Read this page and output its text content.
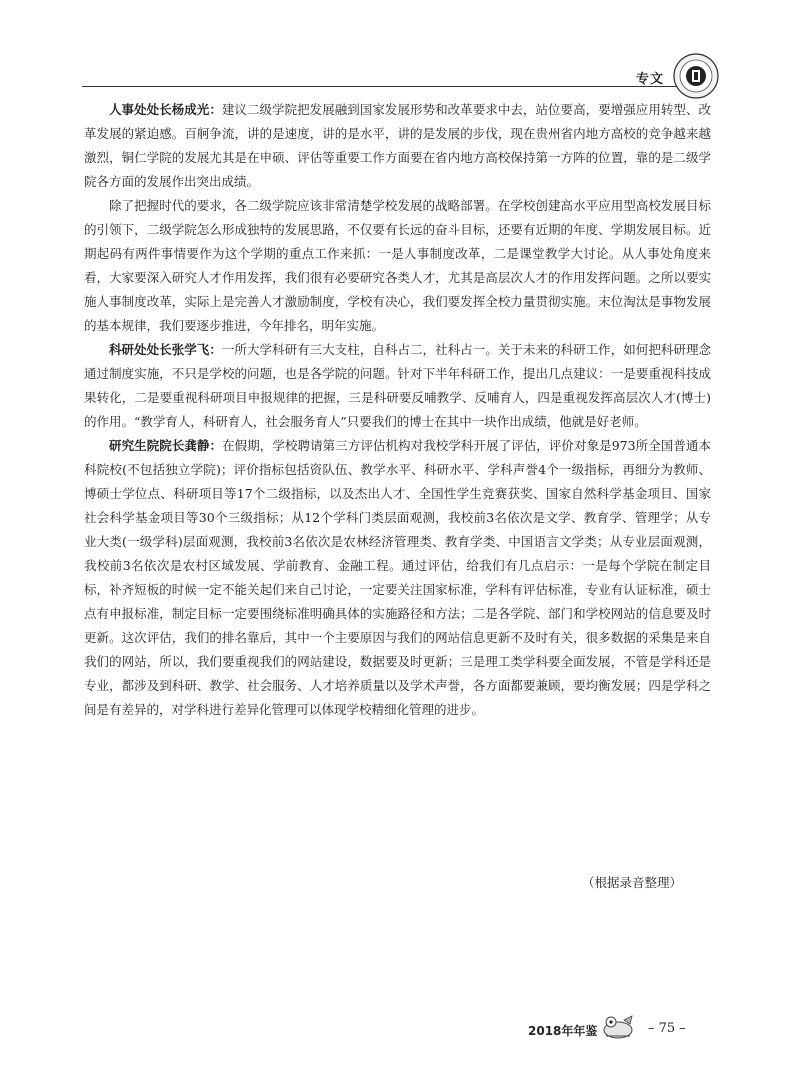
专文

人事处处长杨成光：建议二级学院把发展融到国家发展形势和改革要求中去，站位要高，要增强应用转型、改革发展的紧迫感。百舸争流，讲的是速度，讲的是水平，讲的是发展的步伐，现在贵州省内地方高校的竞争越来越激烈，铜仁学院的发展尤其是在申硕、评估等重要工作方面要在省内地方高校保持第一方阵的位置，靠的是二级学院各方面的发展作出突出成绩。

除了把握时代的要求，各二级学院应该非常清楚学校发展的战略部署。在学校创建高水平应用型高校发展目标的引领下，二级学院怎么形成独特的发展思路，不仅要有长远的奋斗目标，还要有近期的年度、学期发展目标。近期起码有两件事情要作为这个学期的重点工作来抓：一是人事制度改革，二是课堂教学大讨论。从人事处角度来看，大家要深入研究人才作用发挥，我们很有必要研究各类人才，尤其是高层次人才的作用发挥问题。之所以要实施人事制度改革，实际上是完善人才激励制度，学校有决心，我们要发挥全校力量贯彻实施。末位淘汰是事物发展的基本规律，我们要逐步推进，今年排名，明年实施。

科研处处长张学飞：一所大学科研有三大支柱，自科占二，社科占一。关于未来的科研工作，如何把科研理念通过制度实施，不只是学校的问题，也是各学院的问题。针对下半年科研工作，提出几点建议：一是要重视科技成果转化，二是要重视科研项目申报规律的把握，三是科研要反哺教学、反哺育人，四是重视发挥高层次人才(博士)的作用。“教学育人，科研育人，社会服务育人”只要我们的博士在其中一块作出成绩，他就是好老师。

研究生院院长龚静：在假期，学校聘请第三方评估机构对我校学科开展了评估，评价对象是973所全国普通本科院校(不包括独立学院)；评价指标包括资队伍、教学水平、科研水平、学科声誉4个一级指标，再细分为教师、博硕士学位点、科研项目等17个二级指标，以及杰出人才、全国性学生竞赛获奖、国家自然科学基金项目、国家社会科学基金项目等30个三级指标；从12个学科门类层面观测，我校前3名依次是文学、教育学、管理学；从专业大类(一级学科)层面观测，我校前3名依次是农林经济管理类、教育学类、中国语言文学类；从专业层面观测，我校前3名依次是农村区域发展、学前教育、金融工程。通过评估，给我们有几点启示：一是每个学院在制定目标，补齐短板的时候一定不能关起们来自己讨论，一定要关注国家标准，学科有评估标准，专业有认证标准，硕士点有申报标准，制定目标一定要围绕标准明确具体的实施路径和方法；二是各学院、部门和学校网站的信息要及时更新。这次评估，我们的排名靠后，其中一个主要原因与我们的网站信息更新不及时有关，很多数据的采集是来自我们的网站，所以，我们要重视我们的网站建设，数据要及时更新；三是理工类学科要全面发展，不管是学科还是专业，都涉及到科研、教学、社会服务、人才培养质量以及学术声誉，各方面都要兼顾，要均衡发展；四是学科之间是有差异的，对学科进行差异化管理可以体现学校精细化管理的进步。

（根据录音整理）
2018年年鉴	– 75 –
